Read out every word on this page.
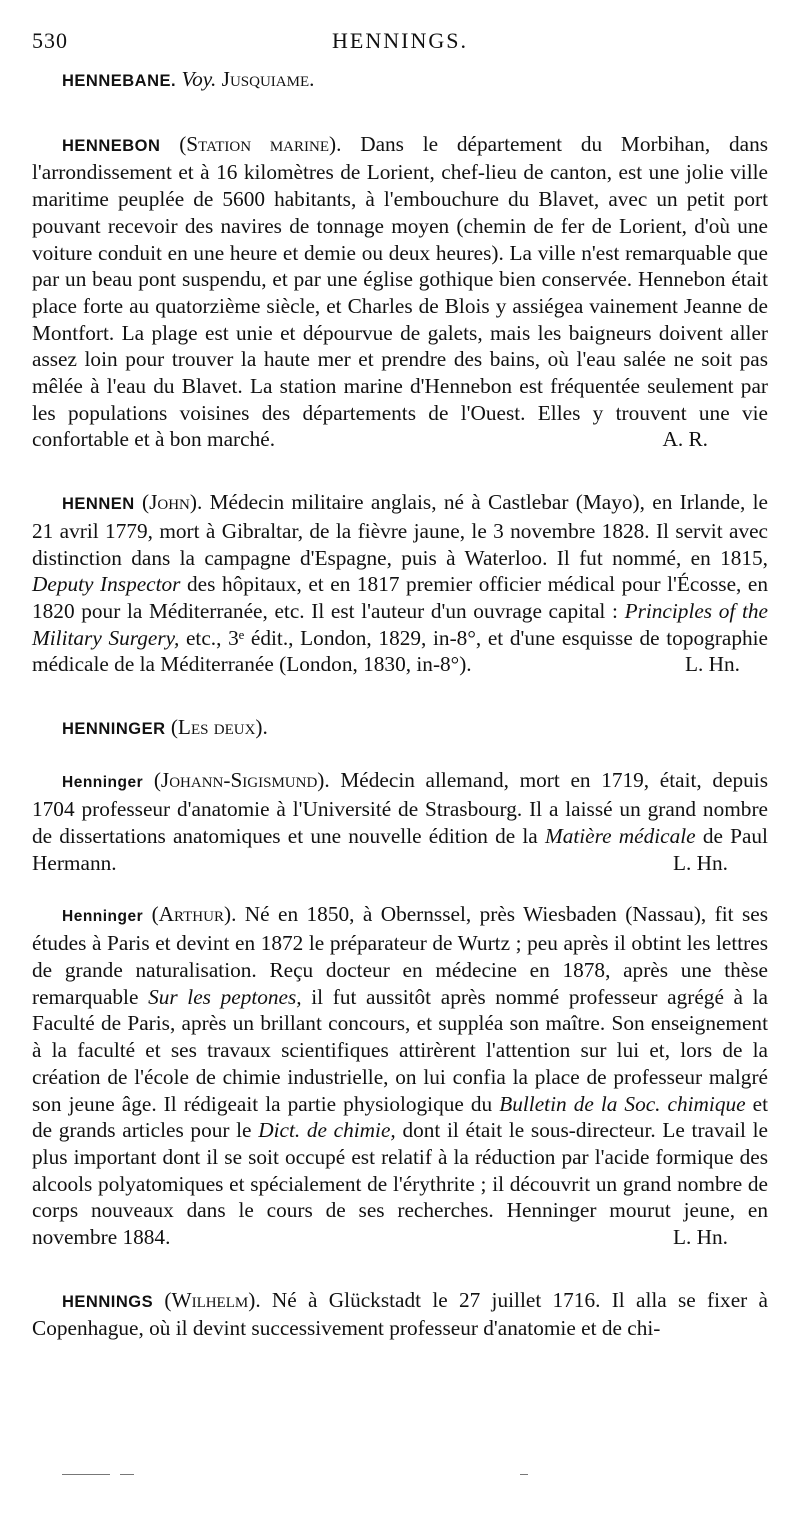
530	HENNINGS.

HENNEBANE. Voy. Jusquiame.

HENNEBON (Station marine). Dans le département du Morbihan, dans l'arrondissement et à 16 kilomètres de Lorient, chef-lieu de canton, est une jolie ville maritime peuplée de 5600 habitants, à l'embouchure du Blavet, avec un petit port pouvant recevoir des navires de tonnage moyen (chemin de fer de Lorient, d'où une voiture conduit en une heure et demie ou deux heures). La ville n'est remarquable que par un beau pont suspendu, et par une église gothique bien conservée. Hennebon était place forte au quatorzième siècle, et Charles de Blois y assiégea vainement Jeanne de Montfort. La plage est unie et dépourvue de galets, mais les baigneurs doivent aller assez loin pour trouver la haute mer et prendre des bains, où l'eau salée ne soit pas mêlée à l'eau du Blavet. La station marine d'Hennebon est fréquentée seulement par les populations voisines des départements de l'Ouest. Elles y trouvent une vie confortable et à bon marché.	A. R.

HENNEN (John). Médecin militaire anglais, né à Castlebar (Mayo), en Irlande, le 21 avril 1779, mort à Gibraltar, de la fièvre jaune, le 3 novembre 1828. Il servit avec distinction dans la campagne d'Espagne, puis à Waterloo. Il fut nommé, en 1815, Deputy Inspector des hôpitaux, et en 1817 premier officier médical pour l'Écosse, en 1820 pour la Méditerranée, etc. Il est l'auteur d'un ouvrage capital : Principles of the Military Surgery, etc., 3ᵉ édit., London, 1829, in-8°, et d'une esquisse de topographie médicale de la Méditerranée (London, 1830, in-8°).	L. Hn.

HENNINGER (Les deux).

Henninger (Johann-Sigismund). Médecin allemand, mort en 1719, était, depuis 1704 professeur d'anatomie à l'Université de Strasbourg. Il a laissé un grand nombre de dissertations anatomiques et une nouvelle édition de la Matière médicale de Paul Hermann.	L. Hn.

Henninger (Arthur). Né en 1850, à Obernssel, près Wiesbaden (Nassau), fit ses études à Paris et devint en 1872 le préparateur de Wurtz ; peu après il obtint les lettres de grande naturalisation. Reçu docteur en médecine en 1878, après une thèse remarquable Sur les peptones, il fut aussitôt après nommé professeur agrégé à la Faculté de Paris, après un brillant concours, et suppléa son maître. Son enseignement à la faculté et ses travaux scientifiques attirèrent l'attention sur lui et, lors de la création de l'école de chimie industrielle, on lui confia la place de professeur malgré son jeune âge. Il rédigeait la partie physiologique du Bulletin de la Soc. chimique et de grands articles pour le Dict. de chimie, dont il était le sous-directeur. Le travail le plus important dont il se soit occupé est relatif à la réduction par l'acide formique des alcools polyatomiques et spécialement de l'érythrite ; il découvrit un grand nombre de corps nouveaux dans le cours de ses recherches. Henninger mourut jeune, en novembre 1884.	L. Hn.

HENNINGS (Wilhelm). Né à Glückstadt le 27 juillet 1716. Il alla se fixer à Copenhague, où il devint successivement professeur d'anatomie et de chi-
